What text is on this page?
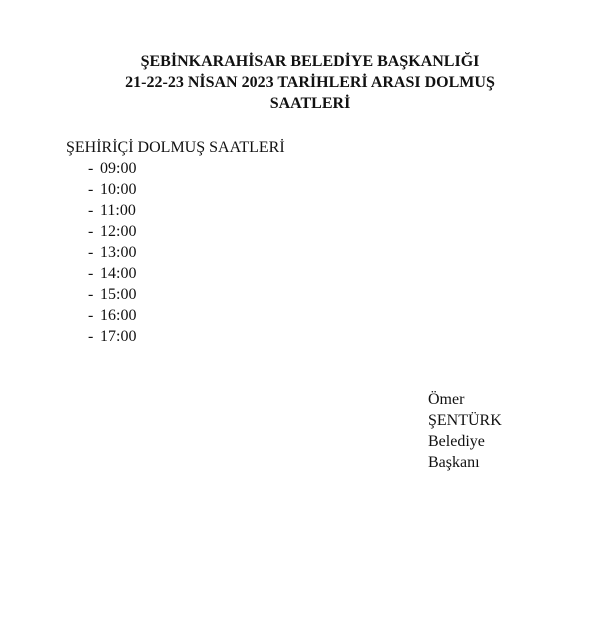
ŞEBİNKARAHİSAR BELEDİYE BAŞKANLIĞI
21-22-23 NİSAN 2023 TARİHLERİ ARASI DOLMUŞ
SAATLERİ
ŞEHİRİÇİ DOLMUŞ SAATLERİ
- 09:00
- 10:00
- 11:00
- 12:00
- 13:00
- 14:00
- 15:00
- 16:00
- 17:00
Ömer
ŞENTÜRK
Belediye
Başkanı
